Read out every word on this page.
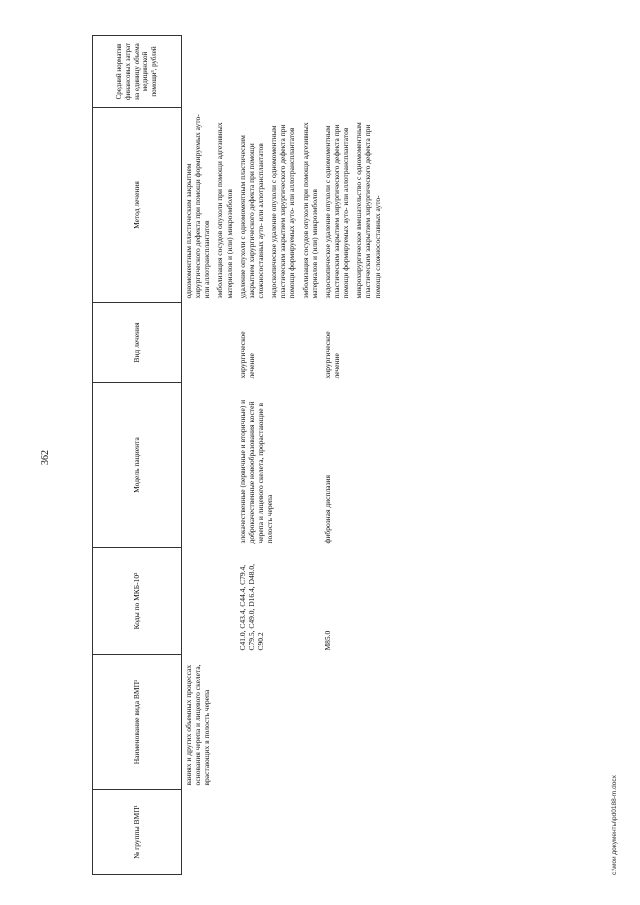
362
№ группы ВМП¹	Наименование вида ВМП¹	Коды по МКБ-10²	Модель пациента	Вид лечения	Метод лечения	Средний норматив финансовых затрат на единицу объема медицинской помощи³, рублей
	ваниях и других объемных процессах основания черепа и лицевого скелета, врастающих в полость черепа				одномоментным пластическим закрытием хирургического дефекта при помощи формируемых ауто- или аллотрансплантатов эмболизация сосудов опухоли при помощи адгезивных материалов и (или) микроэмболов	

		C41.0, C43.4, C44.4, C79.4, C79.5, C49.0, D16.4, D48.0, C90.2	злокачественные (первичные и вторичные) и доброкачественные новообразования костей черепа и лицевого скелета, прорастающие в полость черепа	хирургическое лечение	удаление опухоли с одномоментным пластическим закрытием хирургического дефекта при помощи сложносоставных ауто- или аллотрансплантатов эндоскопическое удаление опухоли с одномоментным пластическим закрытием хирургического дефекта при помощи формируемых ауто- или аллотрансплантатов эмболизация сосудов опухоли при помощи адгезивных материалов и (или) микроэмболов	

		M85.0	фиброзная дисплазия	хирургическое лечение	эндоскопическое удаление опухоли с одномоментным пластическим закрытием хирургического дефекта при помощи формируемых ауто- или аллотрансплантатов микрохирургическое вмешательство с одномоментным пластическим закрытием хирургического дефекта при помощи сложносоставных ауто-	

c:\мои документы\pd0188-m.docx
